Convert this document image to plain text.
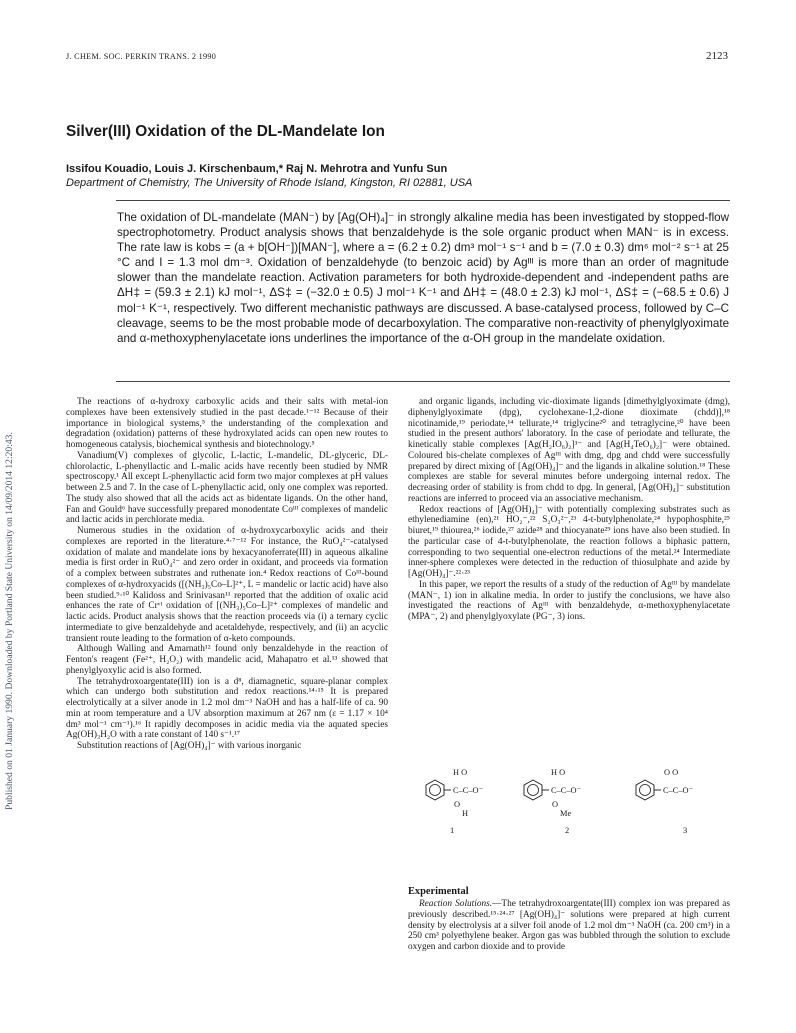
Published on 01 January 1990. Downloaded by Portland State University on 14/09/2014 12:20:43.
J. CHEM. SOC. PERKIN TRANS. 2 1990	2123
Silver(III) Oxidation of the DL-Mandelate Ion
Issifou Kouadio, Louis J. Kirschenbaum,* Raj N. Mehrotra and Yunfu Sun
Department of Chemistry, The University of Rhode Island, Kingston, RI 02881, USA
The oxidation of DL-mandelate (MAN⁻) by [Ag(OH)₄]⁻ in strongly alkaline media has been investigated by stopped-flow spectrophotometry. Product analysis shows that benzaldehyde is the sole organic product when MAN⁻ is in excess. The rate law is kobs = (a + b[OH⁻])[MAN⁻], where a = (6.2 ± 0.2) dm³ mol⁻¹ s⁻¹ and b = (7.0 ± 0.3) dm⁶ mol⁻² s⁻¹ at 25 °C and I = 1.3 mol dm⁻³. Oxidation of benzaldehyde (to benzoic acid) by Agᴵᴵᴵ is more than an order of magnitude slower than the mandelate reaction. Activation parameters for both hydroxide-dependent and -independent paths are ΔH‡ = (59.3 ± 2.1) kJ mol⁻¹, ΔS‡ = (−32.0 ± 0.5) J mol⁻¹ K⁻¹ and ΔH‡ = (48.0 ± 2.3) kJ mol⁻¹, ΔS‡ = (−68.5 ± 0.6) J mol⁻¹ K⁻¹, respectively. Two different mechanistic pathways are discussed. A base-catalysed process, followed by C–C cleavage, seems to be the most probable mode of decarboxylation. The comparative non-reactivity of phenylglyoximate and α-methoxyphenylacetate ions underlines the importance of the α-OH group in the mandelate oxidation.

The reactions of α-hydroxy carboxylic acids and their salts with metal-ion complexes have been extensively studied in the past decade.¹⁻¹² Because of their importance in biological systems,⁵ the understanding of the complexation and degradation (oxidation) patterns of these hydroxylated acids can open new routes to homogeneous catalysis, biochemical synthesis and biotechnology.⁵

Vanadium(V) complexes of glycolic, L-lactic, L-mandelic, DL-glyceric, DL-chlorolactic, L-phenyllactic and L-malic acids have recently been studied by NMR spectroscopy.¹ All except L-phenyllactic acid form two major complexes at pH values between 2.5 and 7. In the case of L-phenyllactic acid, only one complex was reported. The study also showed that all the acids act as bidentate ligands. On the other hand, Fan and Gould⁶ have successfully prepared monodentate Coᴵᴵᴵ complexes of mandelic and lactic acids in perchlorate media.

Numerous studies in the oxidation of α-hydroxycarboxylic acids and their complexes are reported in the literature.⁴·⁷⁻¹² For instance, the RuO₄²⁻-catalysed oxidation of malate and mandelate ions by hexacyanoferrate(III) in aqueous alkaline media is first order in RuO₄²⁻ and zero order in oxidant, and proceeds via formation of a complex between substrates and ruthenate ion.⁴ Redox reactions of Coᴵᴵᴵ-bound complexes of α-hydroxyacids ([(NH₃)₅Co–L]²⁺, L = mandelic or lactic acid) have also been studied.⁹·¹⁰ Kalidoss and Srinivasan¹¹ reported that the addition of oxalic acid enhances the rate of Crᵛᴵ oxidation of [(NH₃)₅Co–L]²⁺ complexes of mandelic and lactic acids. Product analysis shows that the reaction proceeds via (i) a ternary cyclic intermediate to give benzaldehyde and acetaldehyde, respectively, and (ii) an acyclic transient route leading to the formation of α-keto compounds.

Although Walling and Amarnath¹² found only benzaldehyde in the reaction of Fenton's reagent (Fe²⁺, H₂O₂) with mandelic acid, Mahapatro et al.¹³ showed that phenylglyoxylic acid is also formed.

The tetrahydroxoargentate(III) ion is a d⁸, diamagnetic, square-planar complex which can undergo both substitution and redox reactions.¹⁴·¹⁵ It is prepared electrolytically at a silver anode in 1.2 mol dm⁻³ NaOH and has a half-life of ca. 90 min at room temperature and a UV absorption maximum at 267 nm (ε = 1.17 × 10⁴ dm³ mol⁻¹ cm⁻¹).¹⁶ It rapidly decomposes in acidic media via the aquated species Ag(OH)₃H₂O with a rate constant of 140 s⁻¹.¹⁷

Substitution reactions of [Ag(OH)₄]⁻ with various inorganic

and organic ligands, including vic-dioximate ligands [dimethylglyoximate (dmg), diphenylglyoximate (dpg), cyclohexane-1,2-dione dioximate (chdd)],¹⁸ nicotinamide,¹⁹ periodate,¹⁴ tellurate,¹⁴ triglycine²⁰ and tetraglycine,²⁰ have been studied in the present authors' laboratory. In the case of periodate and tellurate, the kinetically stable complexes [Ag(H₂IO₆)₂]³⁻ and [Ag(H₄TeO₆)₂]⁻ were obtained. Coloured bis-chelate complexes of Agᴵᴵᴵ with dmg, dpg and chdd were successfully prepared by direct mixing of [Ag(OH)₄]⁻ and the ligands in alkaline solution.¹⁸ These complexes are stable for several minutes before undergoing internal redox. The decreasing order of stability is from chdd to dpg. In general, [Ag(OH)₄]⁻ substitution reactions are inferred to proceed via an associative mechanism.

Redox reactions of [Ag(OH)₄]⁻ with potentially complexing substrates such as ethylenediamine (en),²¹ HO₂⁻,²² S₂O₃²⁻,²³ 4-t-butylphenolate,²⁴ hypophosphite,²⁵ biuret,¹⁹ thiourea,²⁶ iodide,²⁷ azide²⁸ and thiocyanate²⁹ ions have also been studied. In the particular case of 4-t-butylphenolate, the reaction follows a biphasic pattern, corresponding to two sequential one-electron reductions of the metal.²⁴ Intermediate inner-sphere complexes were detected in the reduction of thiosulphate and azide by [Ag(OH)₄]⁻.²²·²³

In this paper, we report the results of a study of the reduction of Agᴵᴵᴵ by mandelate (MAN⁻, 1) ion in alkaline media. In order to justify the conclusions, we have also investigated the reactions of Agᴵᴵᴵ with benzaldehyde, α-methoxyphenylacetate (MPA⁻, 2) and phenylglyoxylate (PG⁻, 3) ions.

H O
C–C–O⁻
O
H
1
H O
C–C–O⁻
O
Me
2
O O
C–C–O⁻
3
Experimental

Reaction Solutions.—The tetrahydroxoargentate(III) complex ion was prepared as previously described.¹⁵·²⁴·²⁷ [Ag(OH)₄]⁻ solutions were prepared at high current density by electrolysis at a silver foil anode of 1.2 mol dm⁻³ NaOH (ca. 200 cm³) in a 250 cm³ polyethylene beaker. Argon gas was bubbled through the solution to exclude oxygen and carbon dioxide and to provide
